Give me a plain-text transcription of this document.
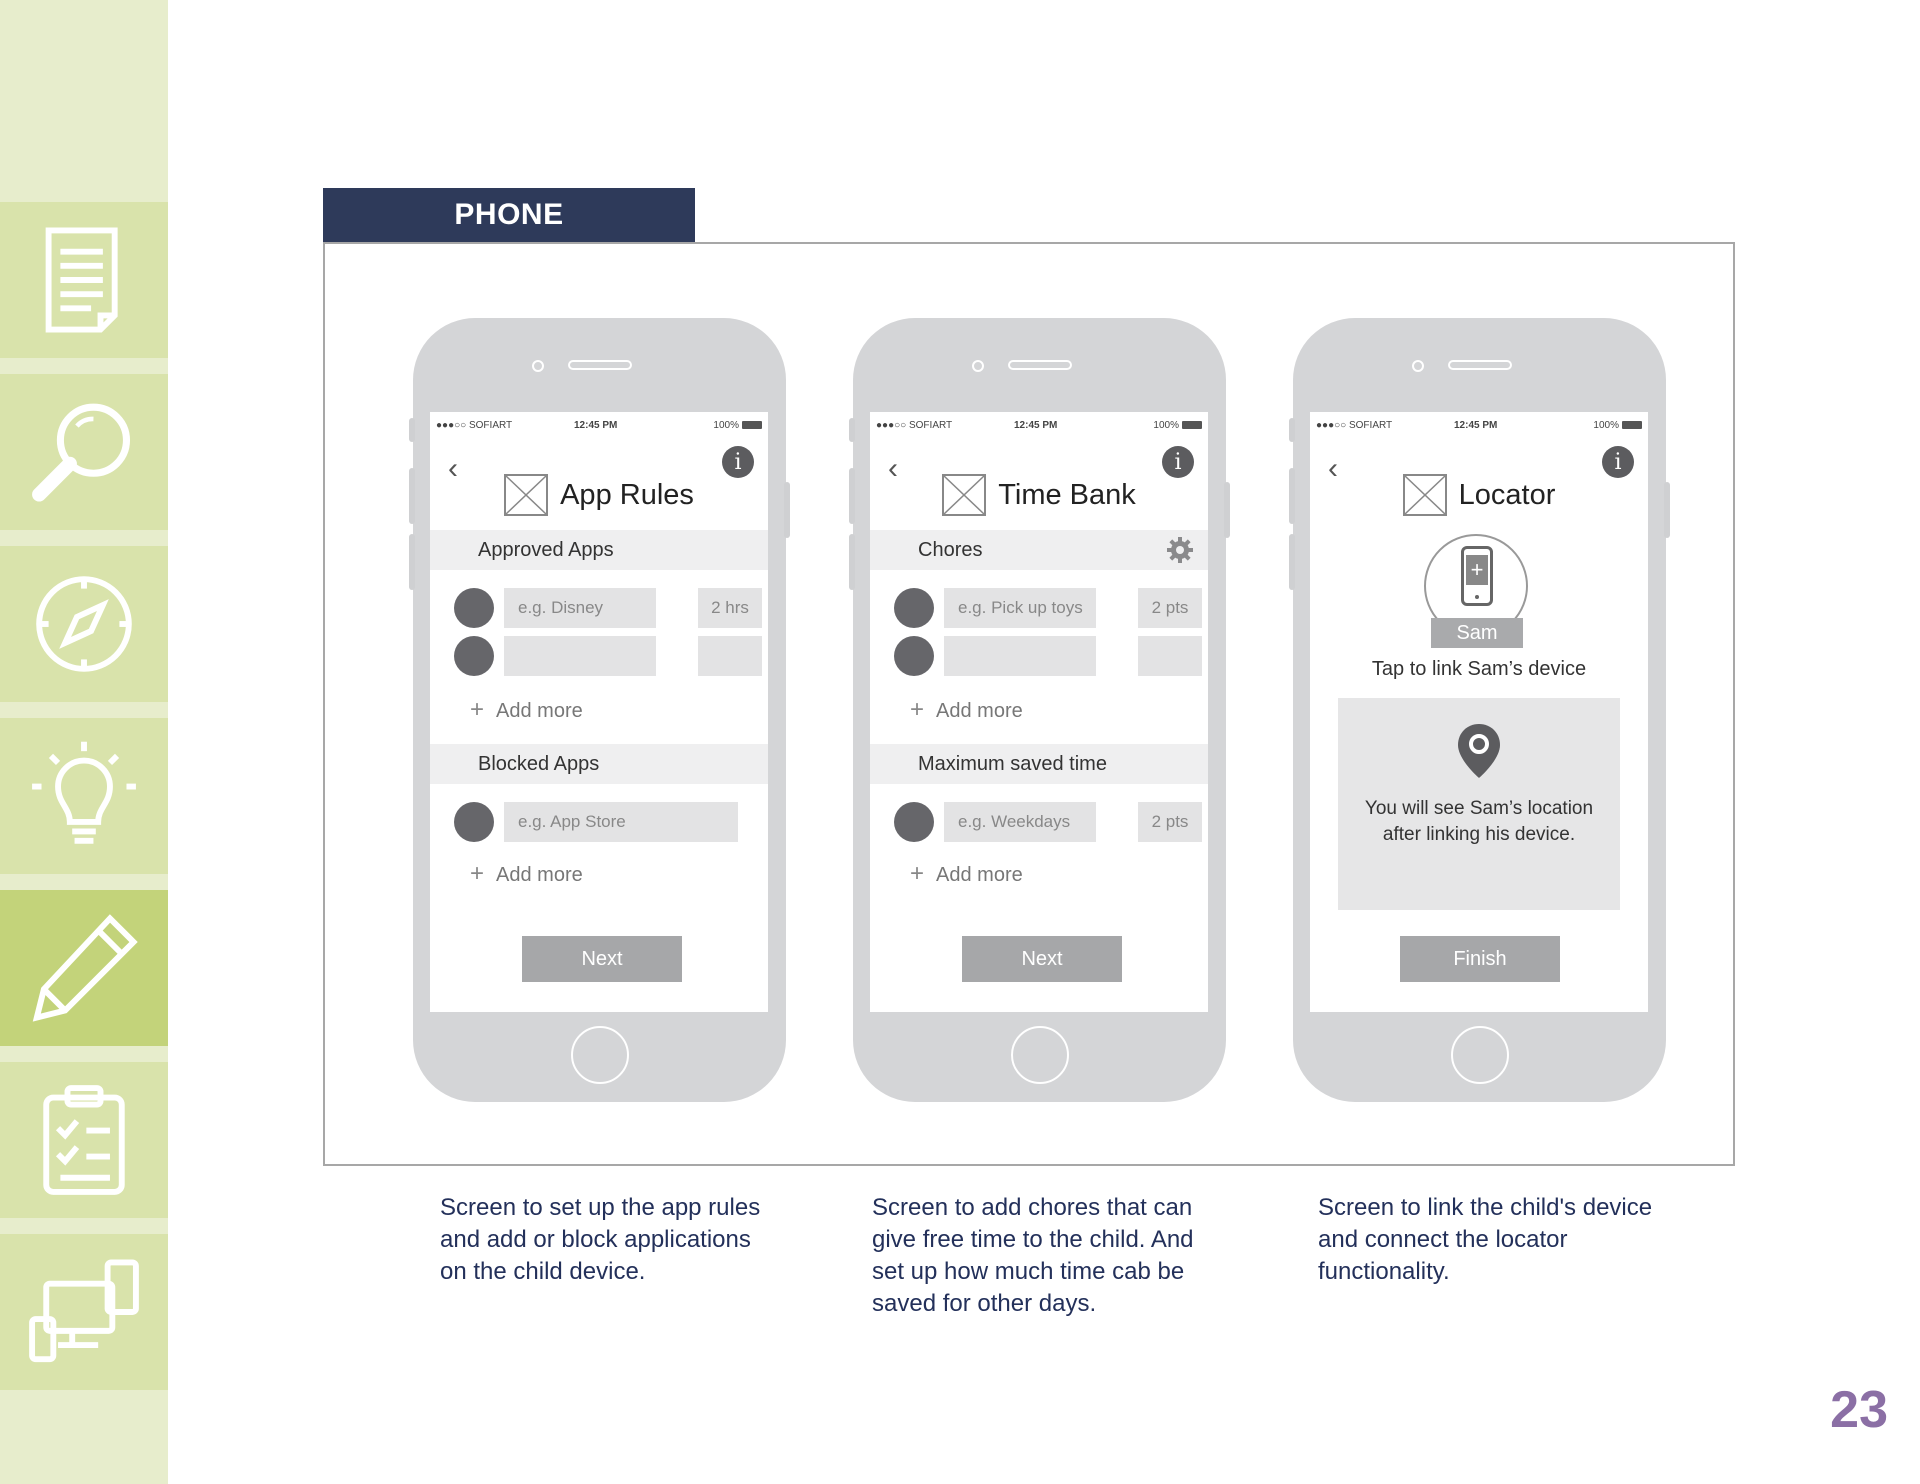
PHONE
●●●○○ SOFIART	12:45 PM	100%
‹	i
App Rules
Approved Apps
e.g. Disney	2 hrs
+ Add more
Blocked Apps
e.g. App Store
+ Add more
Next
●●●○○ SOFIART	12:45 PM	100%
‹	i
Time Bank
Chores
e.g. Pick up toys	2 pts
+ Add more
Maximum saved time
e.g. Weekdays	2 pts
+ Add more
Next
●●●○○ SOFIART	12:45 PM	100%
‹	i
Locator
+
Sam
Tap to link Sam’s device
You will see Sam’s location after linking his device.
Finish
Screen to set up the app rules and add or block applications on the child device.
Screen to add chores that can give free time to the child. And set up how much time cab be saved for other days.
Screen to link the child's device and connect the locator functionality.
23
